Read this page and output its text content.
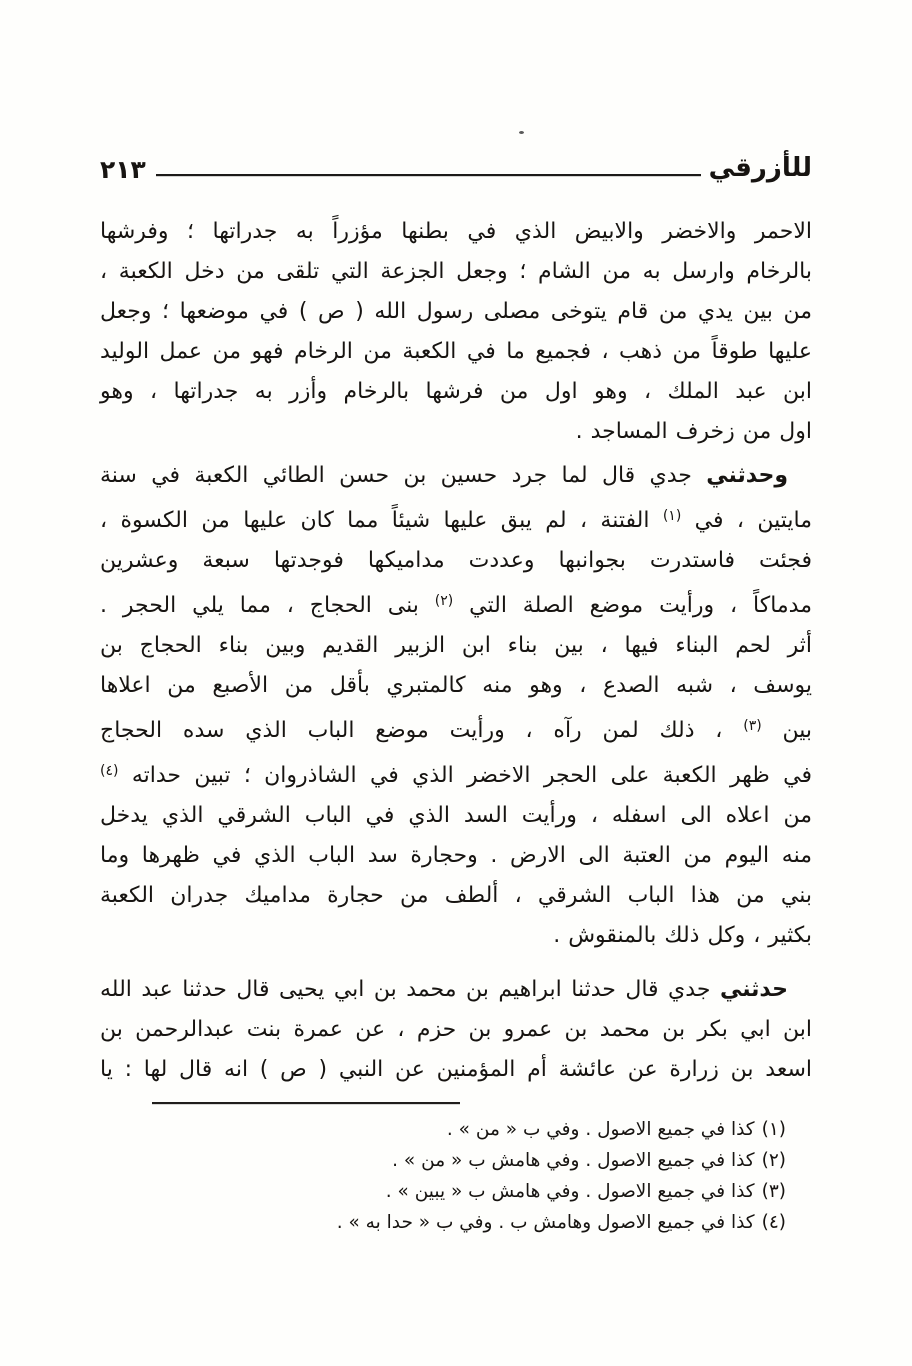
للأزرقي
٢١٣
الاحمر والاخضر والابيض الذي في بطنها مؤزراً به جدراتها ؛ وفرشها
بالرخام وارسل به من الشام ؛ وجعل الجزعة التي تلقى من دخل الكعبة ،
من بين يدي من قام يتوخى مصلى رسول الله ( ص ) في موضعها ؛ وجعل
عليها طوقاً من ذهب ، فجميع ما في الكعبة من الرخام فهو من عمل الوليد
ابن عبد الملك ، وهو اول من فرشها بالرخام وأزر به جدراتها ، وهو
اول من زخرف المساجد .
وحدثني جدي قال لما جرد حسين بن حسن الطائي الكعبة في سنة
مايتين ، في $^{(١)}$ الفتنة ، لم يبق عليها شيئاً مما كان عليها من الكسوة ،
فجئت فاستدرت بجوانبها وعددت مداميكها فوجدتها سبعة وعشرين
مدماكاً ، ورأيت موضع الصلة التي $^{(٢)}$ بنى الحجاج ، مما يلي الحجر .
أثر لحم البناء فيها ، بين بناء ابن الزبير القديم وبين بناء الحجاج بن
يوسف ، شبه الصدع ، وهو منه كالمتبري بأقل من الأصبع من اعلاها
بين $^{(٣)}$ ، ذلك لمن رآه ، ورأيت موضع الباب الذي سده الحجاج
في ظهر الكعبة على الحجر الاخضر الذي في الشاذروان ؛ تبين حداته $^{(٤)}$
من اعلاه الى اسفله ، ورأيت السد الذي في الباب الشرقي الذي يدخل
منه اليوم من العتبة الى الارض . وحجارة سد الباب الذي في ظهرها وما
بني من هذا الباب الشرقي ، ألطف من حجارة مداميك جدران الكعبة
بكثير ، وكل ذلك بالمنقوش .
حدثني جدي قال حدثنا ابراهيم بن محمد بن ابي يحيى قال حدثنا عبد الله
ابن ابي بكر بن محمد بن عمرو بن حزم ، عن عمرة بنت عبدالرحمن بن
اسعد بن زرارة عن عائشة أم المؤمنين عن النبي ( ص ) انه قال لها : يا
(١)كذا في جميع الاصول . وفي ب « من » .
(٢)كذا في جميع الاصول . وفي هامش ب « من » .
(٣)كذا في جميع الاصول . وفي هامش ب « يبين » .
(٤)كذا في جميع الاصول وهامش ب . وفي ب « حدا به » .
